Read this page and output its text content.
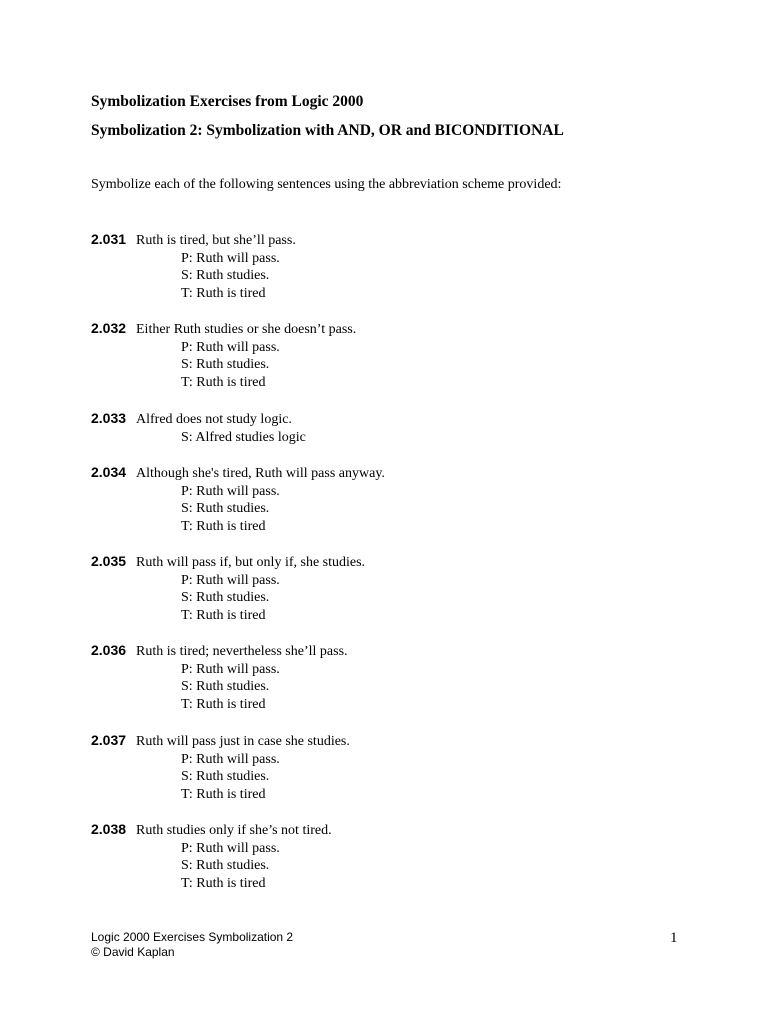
Symbolization Exercises from Logic 2000
Symbolization 2: Symbolization with AND, OR and BICONDITIONAL
Symbolize each of the following sentences using the abbreviation scheme provided:
2.031 Ruth is tired, but she’ll pass.
P: Ruth will pass.
S: Ruth studies.
T: Ruth is tired
2.032 Either Ruth studies or she doesn’t pass.
P: Ruth will pass.
S: Ruth studies.
T: Ruth is tired
2.033 Alfred does not study logic.
S: Alfred studies logic
2.034 Although she's tired, Ruth will pass anyway.
P: Ruth will pass.
S: Ruth studies.
T: Ruth is tired
2.035 Ruth will pass if, but only if, she studies.
P: Ruth will pass.
S: Ruth studies.
T: Ruth is tired
2.036 Ruth is tired; nevertheless she’ll pass.
P: Ruth will pass.
S: Ruth studies.
T: Ruth is tired
2.037 Ruth will pass just in case she studies.
P: Ruth will pass.
S: Ruth studies.
T: Ruth is tired
2.038 Ruth studies only if she’s not tired.
P: Ruth will pass.
S: Ruth studies.
T: Ruth is tired
Logic 2000 Exercises Symbolization 2
© David Kaplan
1
